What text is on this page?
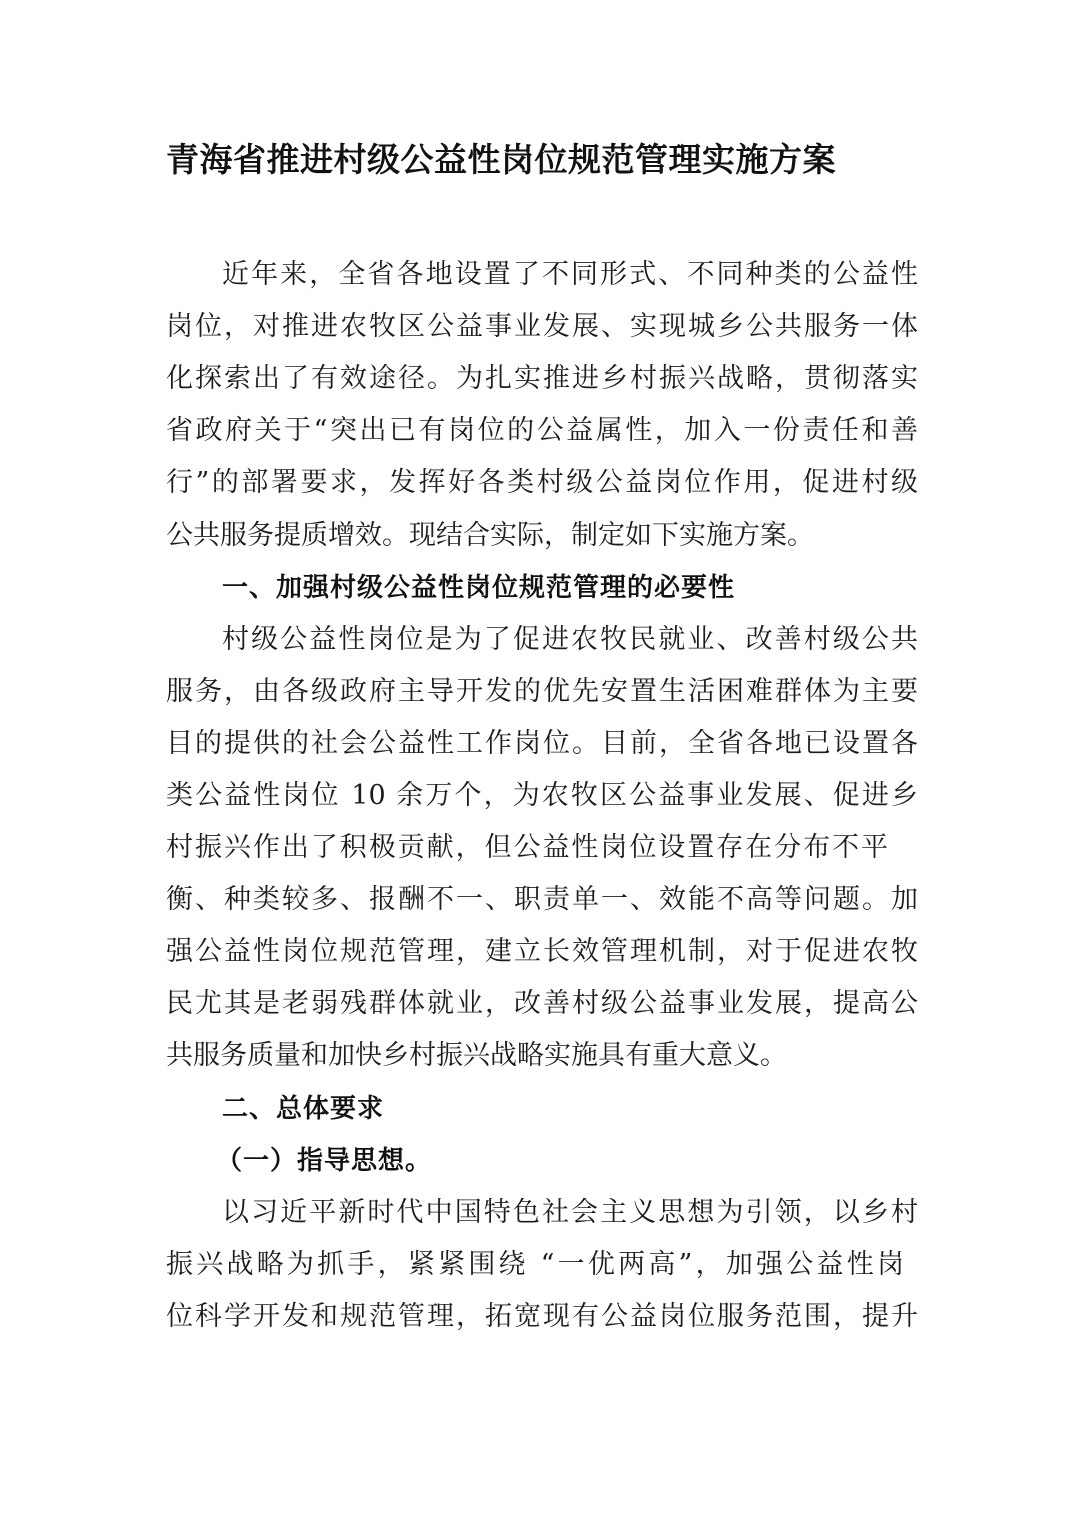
青海省推进村级公益性岗位规范管理实施方案
近年来，全省各地设置了不同形式、不同种类的公益性
岗位，对推进农牧区公益事业发展、实现城乡公共服务一体
化探索出了有效途径。为扎实推进乡村振兴战略，贯彻落实
省政府关于“突出已有岗位的公益属性，加入一份责任和善
行”的部署要求，发挥好各类村级公益岗位作用，促进村级
公共服务提质增效。现结合实际，制定如下实施方案。
一、加强村级公益性岗位规范管理的必要性
村级公益性岗位是为了促进农牧民就业、改善村级公共
服务，由各级政府主导开发的优先安置生活困难群体为主要
目的提供的社会公益性工作岗位。目前，全省各地已设置各
类公益性岗位 10 余万个，为农牧区公益事业发展、促进乡
村振兴作出了积极贡献，但公益性岗位设置存在分布不平
衡、种类较多、报酬不一、职责单一、效能不高等问题。加
强公益性岗位规范管理，建立长效管理机制，对于促进农牧
民尤其是老弱残群体就业，改善村级公益事业发展，提高公
共服务质量和加快乡村振兴战略实施具有重大意义。
二、总体要求
（一）指导思想。
以习近平新时代中国特色社会主义思想为引领，以乡村
振兴战略为抓手，紧紧围绕 “一优两高”，加强公益性岗
位科学开发和规范管理，拓宽现有公益岗位服务范围，提升
